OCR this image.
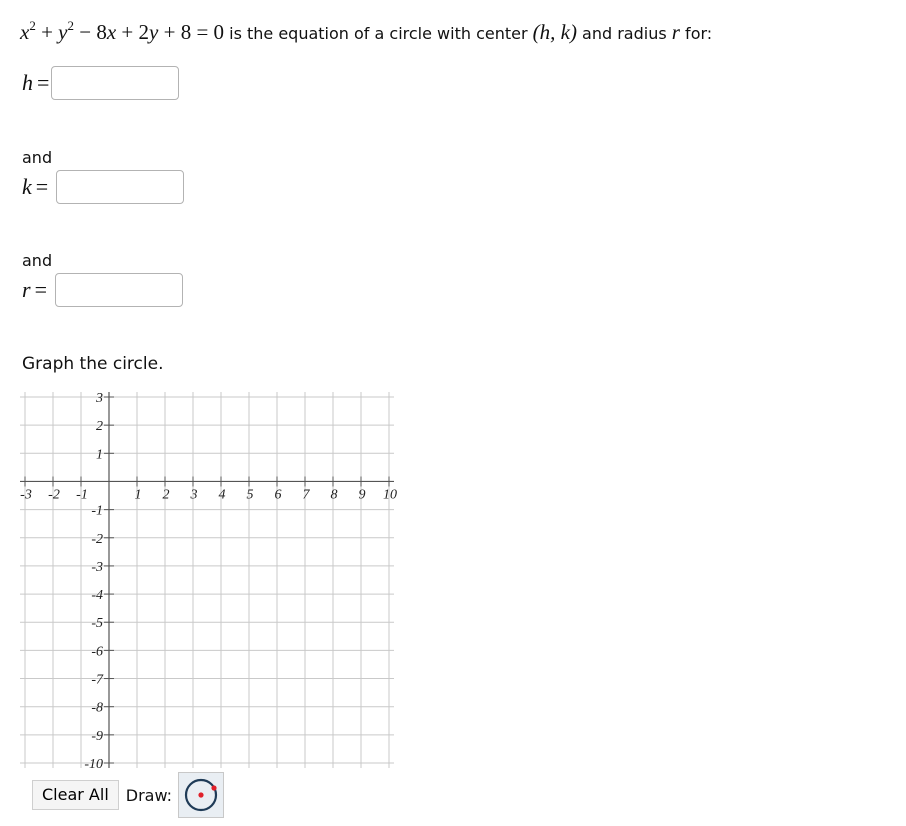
$x^2 + y^2 - 8x + 2y + 8 = 0$ is the equation of a circle with center (h, k) and radius r for:
h =
and
k =
and
r =
Graph the circle.
-3 -2 -1	1 2 3 4 5 6 7 8 9 10
3
2
1
-1
-2
-3
-4
-5
-6
-7
-8
-9
-10
Clear All	Draw:
